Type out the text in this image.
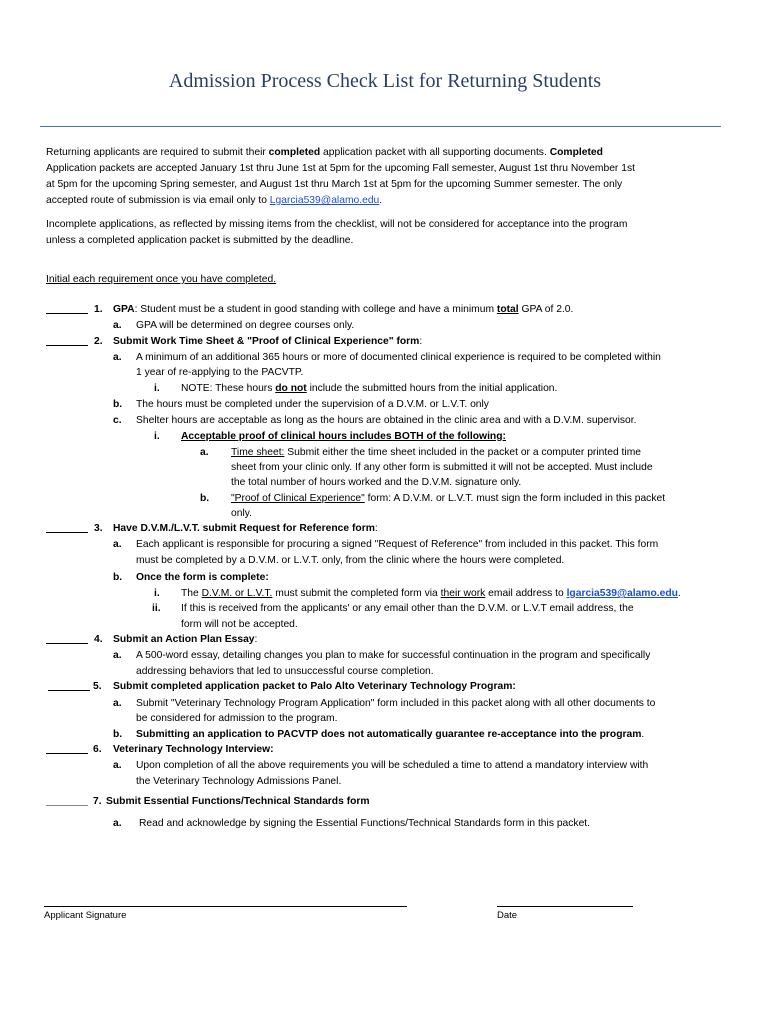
Admission Process Check List for Returning Students
Returning applicants are required to submit their completed application packet with all supporting documents. Completed
Application packets are accepted January 1st thru June 1st at 5pm for the upcoming Fall semester, August 1st thru November 1st
at 5pm for the upcoming Spring semester, and August 1st thru March 1st at 5pm for the upcoming Summer semester. The only
accepted route of submission is via email only to Lgarcia539@alamo.edu.
Incomplete applications, as reflected by missing items from the checklist, will not be considered for acceptance into the program
unless a completed application packet is submitted by the deadline.
Initial each requirement once you have completed.
1. GPA: Student must be a student in good standing with college and have a minimum total GPA of 2.0.
a. GPA will be determined on degree courses only.
2. Submit Work Time Sheet & "Proof of Clinical Experience" form:
a. A minimum of an additional 365 hours or more of documented clinical experience is required to be completed within
1 year of re-applying to the PACVTP.
i. NOTE: These hours do not include the submitted hours from the initial application.
b. The hours must be completed under the supervision of a D.V.M. or L.V.T. only
c. Shelter hours are acceptable as long as the hours are obtained in the clinic area and with a D.V.M. supervisor.
i. Acceptable proof of clinical hours includes BOTH of the following:
a. Time sheet: Submit either the time sheet included in the packet or a computer printed time
sheet from your clinic only. If any other form is submitted it will not be accepted. Must include
the total number of hours worked and the D.V.M. signature only.
b. "Proof of Clinical Experience" form: A D.V.M. or L.V.T. must sign the form included in this packet
only.
3. Have D.V.M./L.V.T. submit Request for Reference form:
a. Each applicant is responsible for procuring a signed "Request of Reference" from included in this packet. This form
must be completed by a D.V.M. or L.V.T. only, from the clinic where the hours were completed.
b. Once the form is complete:
i. The D.V.M. or L.V.T. must submit the completed form via their work email address to lgarcia539@alamo.edu.
ii. If this is received from the applicants' or any email other than the D.V.M. or L.V.T email address, the
form will not be accepted.
4. Submit an Action Plan Essay:
a. A 500-word essay, detailing changes you plan to make for successful continuation in the program and specifically
addressing behaviors that led to unsuccessful course completion.
5. Submit completed application packet to Palo Alto Veterinary Technology Program:
a. Submit "Veterinary Technology Program Application" form included in this packet along with all other documents to
be considered for admission to the program.
b. Submitting an application to PACVTP does not automatically guarantee re-acceptance into the program.
6. Veterinary Technology Interview:
a. Upon completion of all the above requirements you will be scheduled a time to attend a mandatory interview with
the Veterinary Technology Admissions Panel.
7. Submit Essential Functions/Technical Standards form
a. Read and acknowledge by signing the Essential Functions/Technical Standards form in this packet.
Applicant Signature	Date
